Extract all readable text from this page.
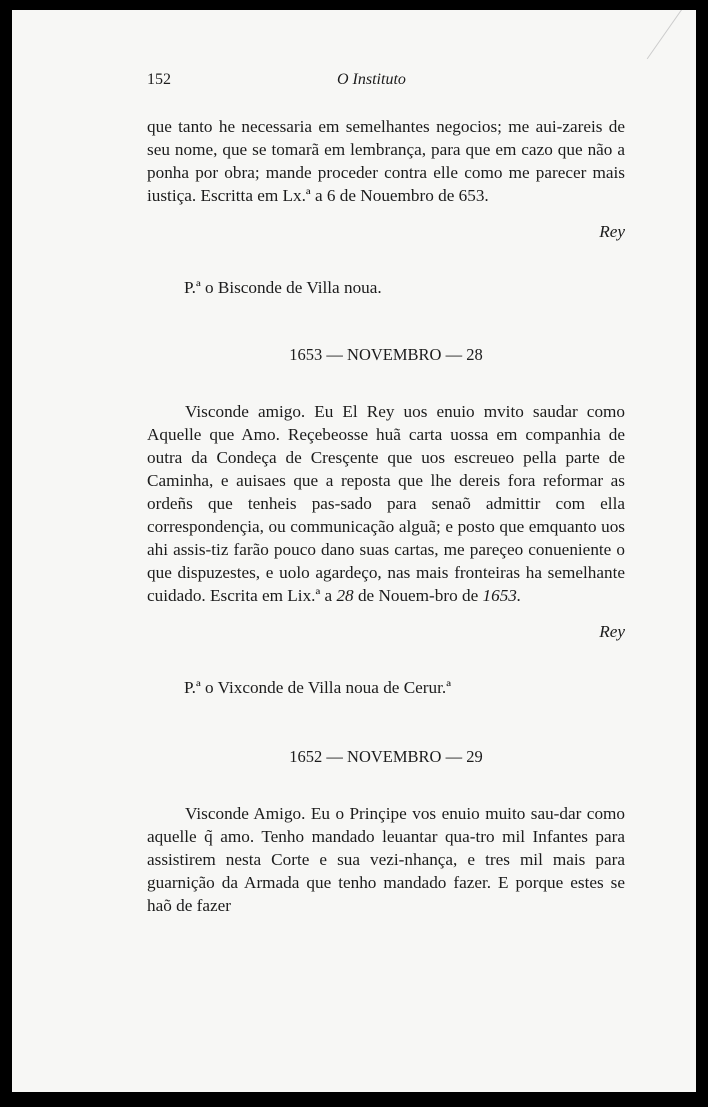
152	O Instituto

que tanto he necessaria em semelhantes negocios; me aui-zareis de seu nome, que se tomarã em lembrança, para que em cazo que não a ponha por obra; mande proceder contra elle como me parecer mais iustiça. Escritta em Lx.ª a 6 de Nouembro de 653.

Rey

P.ª o Bisconde de Villa noua.

1653 — NOVEMBRO — 28

Visconde amigo. Eu El Rey uos enuio mvito saudar como Aquelle que Amo. Reçebeosse huã carta uossa em companhia de outra da Condeça de Cresçente que uos escreueo pella parte de Caminha, e auisaes que a reposta que lhe dereis fora reformar as ordeñs que tenheis pas-sado para senaõ admittir com ella correspondençia, ou communicação alguã; e posto que emquanto uos ahi assis-tiz farão pouco dano suas cartas, me pareçeo conueniente o que dispuzestes, e uolo agardeço, nas mais fronteiras ha semelhante cuidado. Escrita em Lix.ª a 28 de Nouem-bro de 1653.

Rey

P.ª o Vixconde de Villa noua de Cerur.ª

1652 — NOVEMBRO — 29

Visconde Amigo. Eu o Prinçipe vos enuio muito sau-dar como aquelle q̃ amo. Tenho mandado leuantar qua-tro mil Infantes para assistirem nesta Corte e sua vezi-nhança, e tres mil mais para guarnição da Armada que tenho mandado fazer. E porque estes se haõ de fazer
